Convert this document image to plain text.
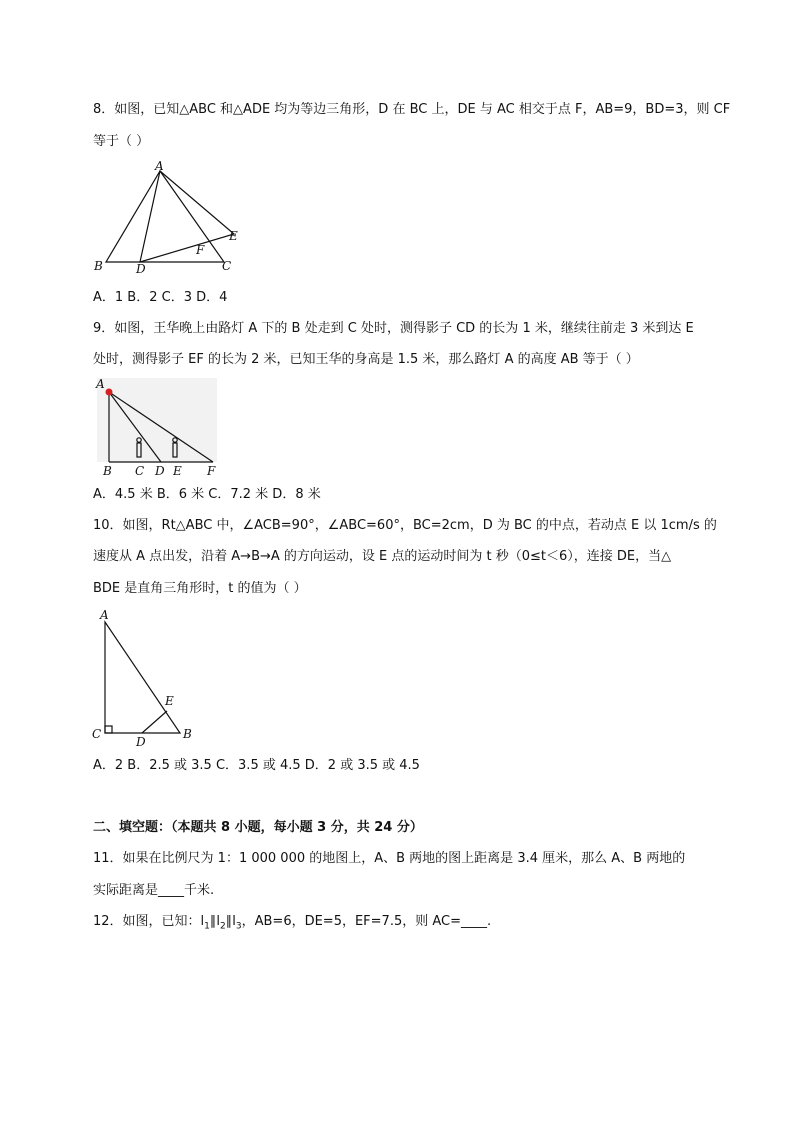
8．如图，已知△ABC 和△ADE 均为等边三角形，D 在 BC 上，DE 与 AC 相交于点 F，AB=9，BD=3，则 CF
等于（ ）
A
B	C
D
E
F
A．1 B．2 C．3 D．4
9．如图，王华晚上由路灯 A 下的 B 处走到 C 处时，测得影子 CD 的长为 1 米，继续往前走 3 米到达 E
处时，测得影子 EF 的长为 2 米，已知王华的身高是 1.5 米，那么路灯 A 的高度 AB 等于（ ）
A
B C D E F
A．4.5 米 B．6 米 C．7.2 米 D．8 米
10．如图，Rt△ABC 中，∠ACB=90°，∠ABC=60°，BC=2cm，D 为 BC 的中点，若动点 E 以 1cm/s 的
速度从 A 点出发，沿着 A→B→A 的方向运动，设 E 点的运动时间为 t 秒（0≤t＜6），连接 DE，当△
BDE 是直角三角形时，t 的值为（ ）
A
B
C
D
E
A．2 B．2.5 或 3.5 C．3.5 或 4.5 D．2 或 3.5 或 4.5
二、填空题：（本题共 8 小题，每小题 3 分，共 24 分）
11．如果在比例尺为 1：1 000 000 的地图上，A、B 两地的图上距离是 3.4 厘米，那么 A、B 两地的
实际距离是____千米.
12．如图，已知：$l_1\parallel l_2\parallel l_3$，AB=6，DE=5，EF=7.5，则 AC=____.
